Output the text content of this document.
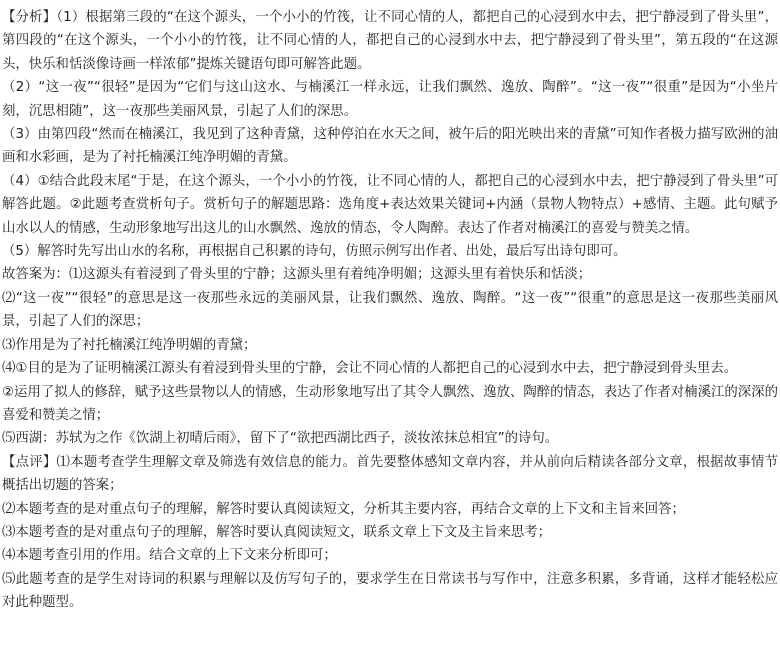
【分析】（1）根据第三段的“在这个源头，一个小小的竹筏，让不同心情的人，都把自己的心浸到水中去，把宁静浸到了骨头里”，第四段的“在这个源头，一个小小的竹筏，让不同心情的人，都把自己的心浸到水中去，把宁静浸到了骨头里”，第五段的“在这源头，快乐和恬淡像诗画一样浓郁”提炼关键语句即可解答此题。
（2）“这一夜”“很轻”是因为“它们与这山这水、与楠溪江一样永远，让我们飘然、逸放、陶醉”。“这一夜”“很重”是因为“小坐片刻，沉思相随”，这一夜那些美丽风景，引起了人们的深思。
（3）由第四段“然而在楠溪江，我见到了这种青黛，这种停泊在水天之间，被午后的阳光映出来的青黛”可知作者极力描写欧洲的油画和水彩画，是为了衬托楠溪江纯净明媚的青黛。
（4）①结合此段末尾“于是，在这个源头，一个小小的竹筏，让不同心情的人，都把自己的心浸到水中去，把宁静浸到了骨头里”可解答此题。②此题考查赏析句子。赏析句子的解题思路：选角度+表达效果关键词+内涵（景物人物特点）+感情、主题。此句赋予山水以人的情感，生动形象地写出这儿的山水飘然、逸放的情态，令人陶醉。表达了作者对楠溪江的喜爱与赞美之情。
（5）解答时先写出山水的名称，再根据自己积累的诗句，仿照示例写出作者、出处，最后写出诗句即可。
故答案为：⑴这源头有着浸到了骨头里的宁静；这源头里有着纯净明媚；这源头里有着快乐和恬淡；
⑵“这一夜”“很轻”的意思是这一夜那些永远的美丽风景，让我们飘然、逸放、陶醉。“这一夜”“很重”的意思是这一夜那些美丽风景，引起了人们的深思；
⑶作用是为了衬托楠溪江纯净明媚的青黛；
⑷①目的是为了证明楠溪江源头有着浸到骨头里的宁静，会让不同心情的人都把自己的心浸到水中去，把宁静浸到骨头里去。
②运用了拟人的修辞，赋予这些景物以人的情感，生动形象地写出了其令人飘然、逸放、陶醉的情态，表达了作者对楠溪江的深深的喜爱和赞美之情；
⑸西湖：苏轼为之作《饮湖上初晴后雨》，留下了“欲把西湖比西子，淡妆浓抹总相宜”的诗句。
【点评】⑴本题考查学生理解文章及筛选有效信息的能力。首先要整体感知文章内容，并从前向后精读各部分文章，根据故事情节概括出切题的答案；
⑵本题考查的是对重点句子的理解，解答时要认真阅读短文，分析其主要内容，再结合文章的上下文和主旨来回答；
⑶本题考查的是对重点句子的理解，解答时要认真阅读短文，联系文章上下文及主旨来思考；
⑷本题考查引用的作用。结合文章的上下文来分析即可；
⑸此题考查的是学生对诗词的积累与理解以及仿写句子的，要求学生在日常读书与写作中，注意多积累，多背诵，这样才能轻松应对此种题型。
